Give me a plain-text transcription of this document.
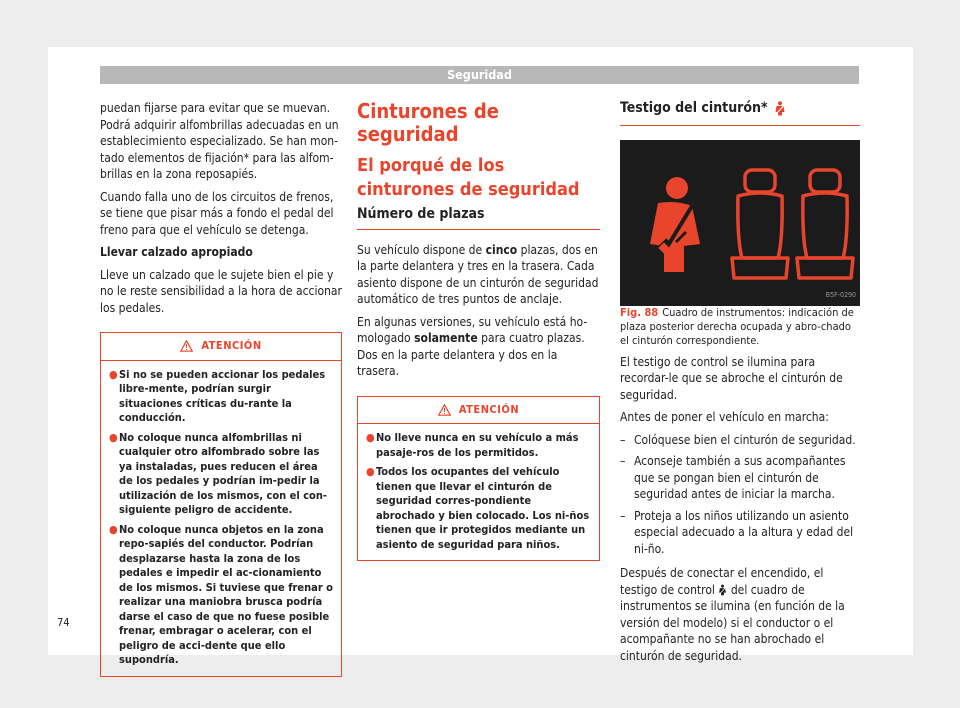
Seguridad

puedan fijarse para evitar que se muevan. Podrá adquirir alfombrillas adecuadas en un establecimiento especializado. Se han mon-tado elementos de fijación* para las alfom-brillas en la zona reposapiés.

Cuando falla uno de los circuitos de frenos, se tiene que pisar más a fondo el pedal del freno para que el vehículo se detenga.

Llevar calzado apropiado

Lleve un calzado que le sujete bien el pie y no le reste sensibilidad a la hora de accionar los pedales.

ATENCIÓN
● Si no se pueden accionar los pedales libre-mente, podrían surgir situaciones críticas du-rante la conducción.
● No coloque nunca alfombrillas ni cualquier otro alfombrado sobre las ya instaladas, pues reducen el área de los pedales y podrían im-pedir la utilización de los mismos, con el con-siguiente peligro de accidente.
● No coloque nunca objetos en la zona repo-sapiés del conductor. Podrían desplazarse hasta la zona de los pedales e impedir el ac-cionamiento de los mismos. Si tuviese que frenar o realizar una maniobra brusca podría darse el caso de que no fuese posible frenar, embragar o acelerar, con el peligro de acci-dente que ello supondría.
Cinturones de seguridad
El porqué de los cinturones de seguridad
Número de plazas

Su vehículo dispone de cinco plazas, dos en la parte delantera y tres en la trasera. Cada asiento dispone de un cinturón de seguridad automático de tres puntos de anclaje.

En algunas versiones, su vehículo está ho-mologado solamente para cuatro plazas. Dos en la parte delantera y dos en la trasera.

ATENCIÓN
● No lleve nunca en su vehículo a más pasaje-ros de los permitidos.
● Todos los ocupantes del vehículo tienen que llevar el cinturón de seguridad corres-pondiente abrochado y bien colocado. Los ni-ños tienen que ir protegidos mediante un asiento de seguridad para niños.
Testigo del cinturón*
B5F-0290

Fig. 88 Cuadro de instrumentos: indicación de plaza posterior derecha ocupada y abro-chado el cinturón correspondiente.

El testigo de control se ilumina para recordar-le que se abroche el cinturón de seguridad.

Antes de poner el vehículo en marcha:

– Colóquese bien el cinturón de seguridad.
– Aconseje también a sus acompañantes que se pongan bien el cinturón de seguridad antes de iniciar la marcha.
– Proteja a los niños utilizando un asiento especial adecuado a la altura y edad del ni-ño.

Después de conectar el encendido, el testigo de control del cuadro de instrumentos se ilumina (en función de la versión del modelo) si el conductor o el acompañante no se han abrochado el cinturón de seguridad.

74
